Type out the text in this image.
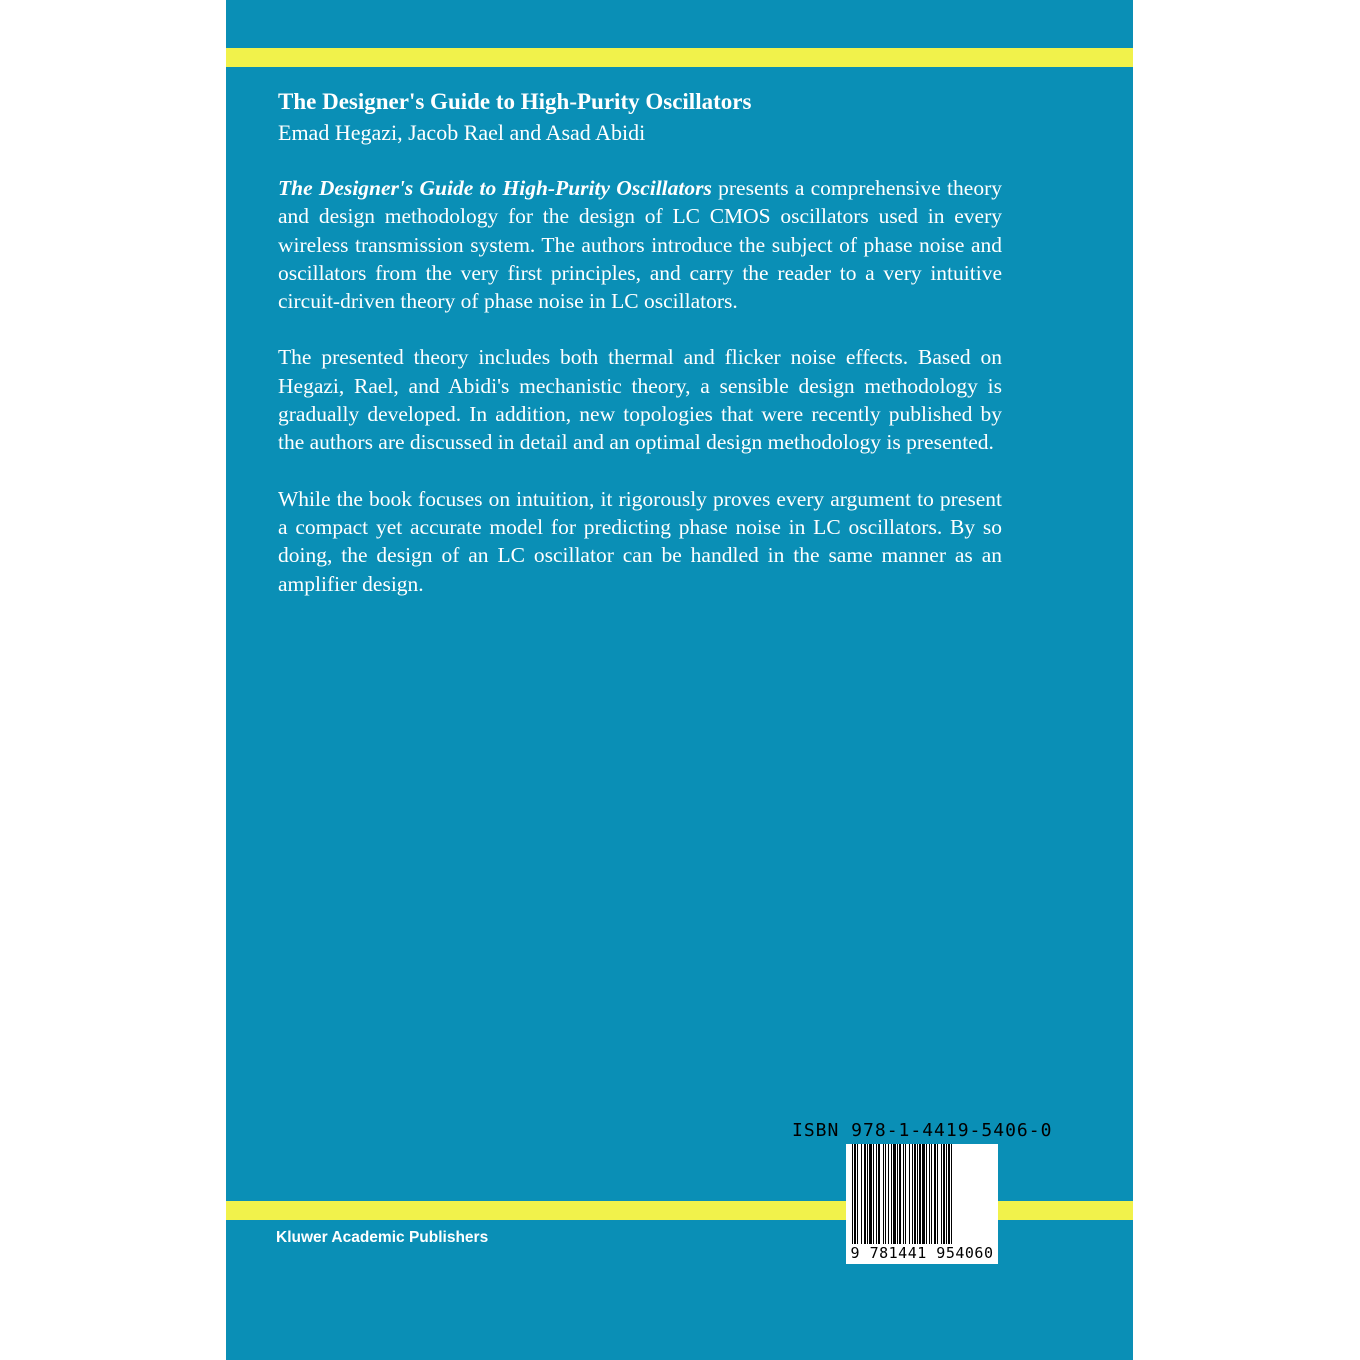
The Designer's Guide to High-Purity Oscillators

Emad Hegazi, Jacob Rael and Asad Abidi

The Designer's Guide to High-Purity Oscillators presents a comprehensive theory and design methodology for the design of LC CMOS oscillators used in every wireless transmission system. The authors introduce the subject of phase noise and oscillators from the very first principles, and carry the reader to a very intuitive circuit-driven theory of phase noise in LC oscillators.

The presented theory includes both thermal and flicker noise effects. Based on Hegazi, Rael, and Abidi's mechanistic theory, a sensible design methodology is gradually developed. In addition, new topologies that were recently published by the authors are discussed in detail and an optimal design methodology is presented.

While the book focuses on intuition, it rigorously proves every argument to present a compact yet accurate model for predicting phase noise in LC oscillators. By so doing, the design of an LC oscillator can be handled in the same manner as an amplifier design.

Kluwer Academic Publishers
ISBN 978-1-4419-5406-0
9 781441 954060
